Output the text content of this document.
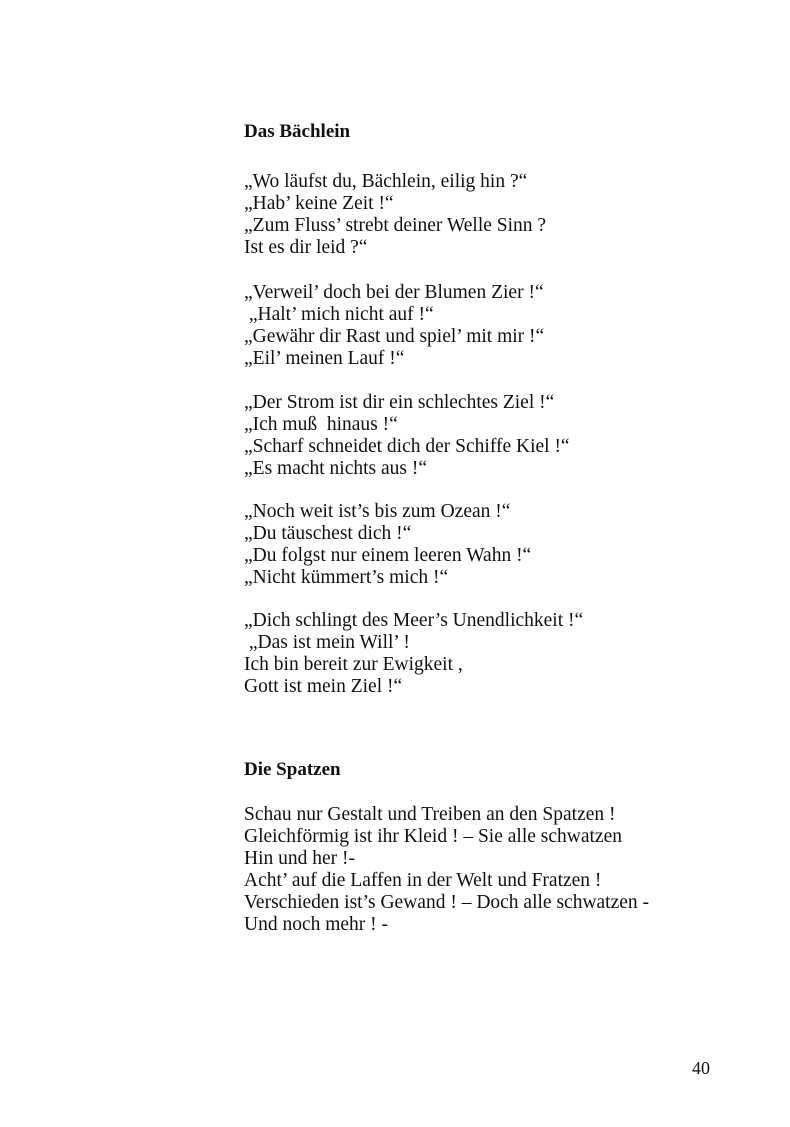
Das Bächlein
„Wo läufst du, Bächlein, eilig hin ?“
„Hab’ keine Zeit !“
„Zum Fluss’ strebt deiner Welle Sinn ?
Ist es dir leid ?“
„Verweil’ doch bei der Blumen Zier !“
„Halt’ mich nicht auf !“
„Gewähr dir Rast und spiel’ mit mir !“
„Eil’ meinen Lauf !“
„Der Strom ist dir ein schlechtes Ziel !“
„Ich muß  hinaus !“
„Scharf schneidet dich der Schiffe Kiel !“
„Es macht nichts aus !“
„Noch weit ist’s bis zum Ozean !“
„Du täuschest dich !“
„Du folgst nur einem leeren Wahn !“
„Nicht kümmert’s mich !“
„Dich schlingt des Meer’s Unendlichkeit !“
„Das ist mein Will’ !
Ich bin bereit zur Ewigkeit ,
Gott ist mein Ziel !“
Die Spatzen
Schau nur Gestalt und Treiben an den Spatzen !
Gleichförmig ist ihr Kleid ! – Sie alle schwatzen
Hin und her !-
Acht’ auf die Laffen in der Welt und Fratzen !
Verschieden ist’s Gewand ! – Doch alle schwatzen -
Und noch mehr ! -
40
